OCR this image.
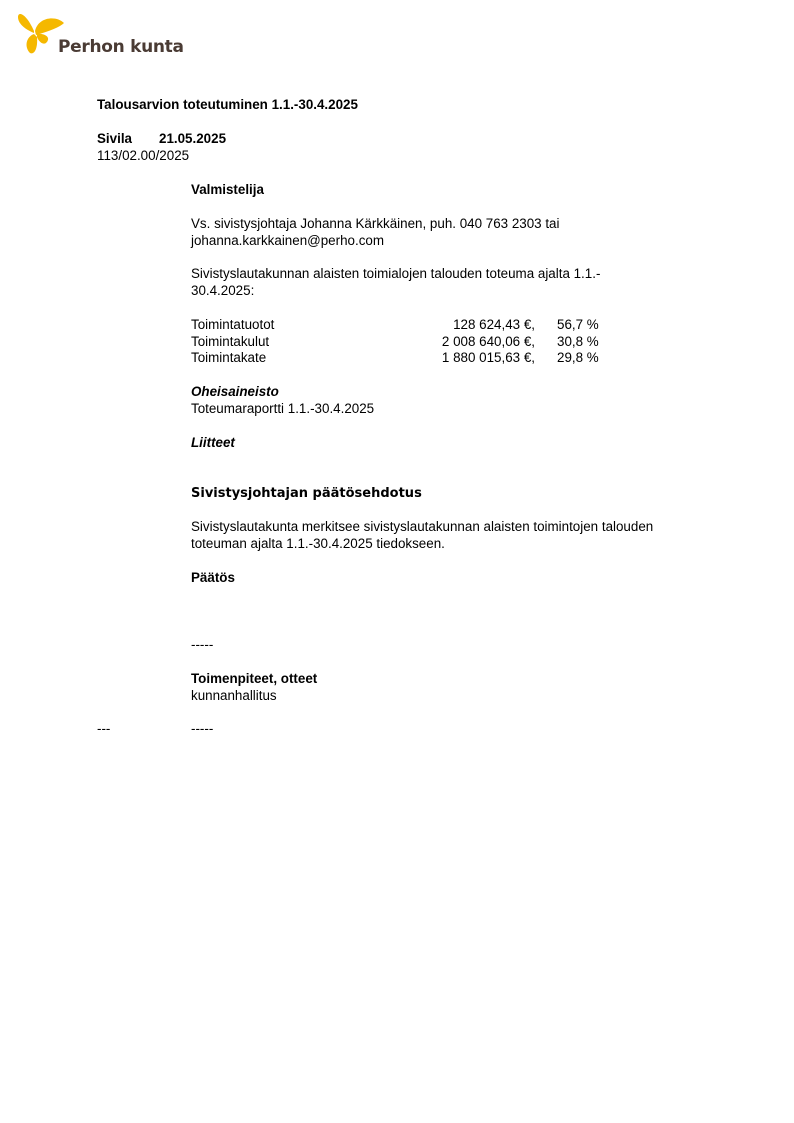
Perhon kunta
Talousarvion toteutuminen 1.1.-30.4.2025
Sivila 21.05.2025
113/02.00/2025
Valmistelija
Vs. sivistysjohtaja Johanna Kärkkäinen, puh. 040 763 2303 tai
johanna.karkkainen@perho.com
Sivistyslautakunnan alaisten toimialojen talouden toteuma ajalta 1.1.-
30.4.2025:
Toimintatuotot	128 624,43 €, 56,7 %
Toimintakulut	2 008 640,06 €, 30,8 %
Toimintakate	1 880 015,63 €, 29,8 %
Oheisaineisto
Toteumaraportti 1.1.-30.4.2025
Liitteet
Sivistysjohtajan päätösehdotus
Sivistyslautakunta merkitsee sivistyslautakunnan alaisten toimintojen talouden
toteuman ajalta 1.1.-30.4.2025 tiedokseen.
Päätös
-----
Toimenpiteet, otteet
kunnanhallitus
---	-----
